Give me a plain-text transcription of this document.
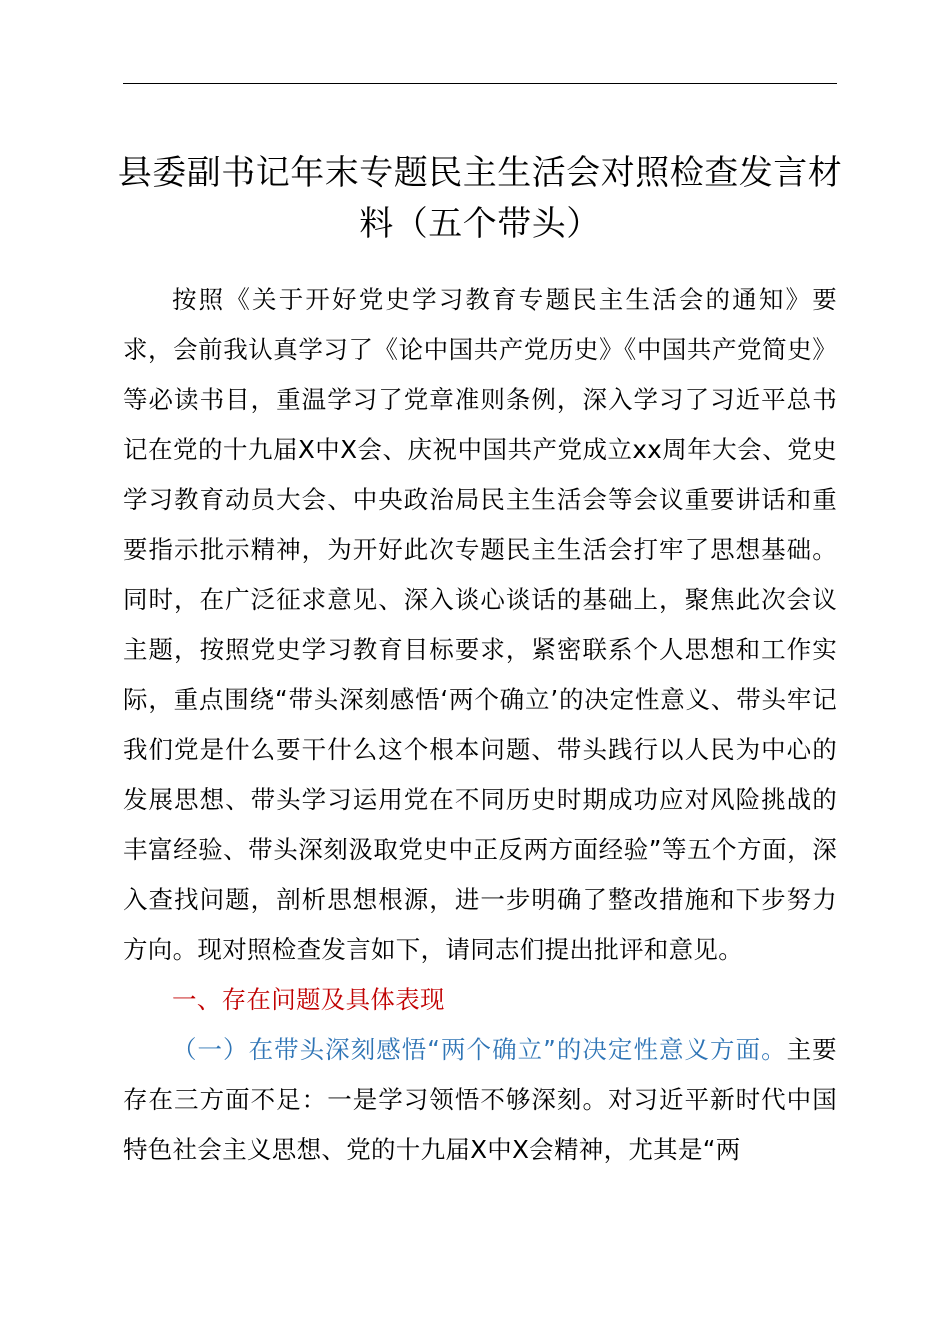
县委副书记年末专题民主生活会对照检查发言材料（五个带头）

按照《关于开好党史学习教育专题民主生活会的通知》要求，会前我认真学习了《论中国共产党历史》《中国共产党简史》等必读书目，重温学习了党章准则条例，深入学习了习近平总书记在党的十九届X中X会、庆祝中国共产党成立xx周年大会、党史学习教育动员大会、中央政治局民主生活会等会议重要讲话和重要指示批示精神，为开好此次专题民主生活会打牢了思想基础。同时，在广泛征求意见、深入谈心谈话的基础上，聚焦此次会议主题，按照党史学习教育目标要求，紧密联系个人思想和工作实际，重点围绕“带头深刻感悟‘两个确立’的决定性意义、带头牢记我们党是什么要干什么这个根本问题、带头践行以人民为中心的发展思想、带头学习运用党在不同历史时期成功应对风险挑战的丰富经验、带头深刻汲取党史中正反两方面经验”等五个方面，深入查找问题，剖析思想根源，进一步明确了整改措施和下步努力方向。现对照检查发言如下，请同志们提出批评和意见。

一、存在问题及具体表现

（一）在带头深刻感悟“两个确立”的决定性意义方面。主要存在三方面不足：一是学习领悟不够深刻。对习近平新时代中国特色社会主义思想、党的十九届X中X会精神，尤其是“两
